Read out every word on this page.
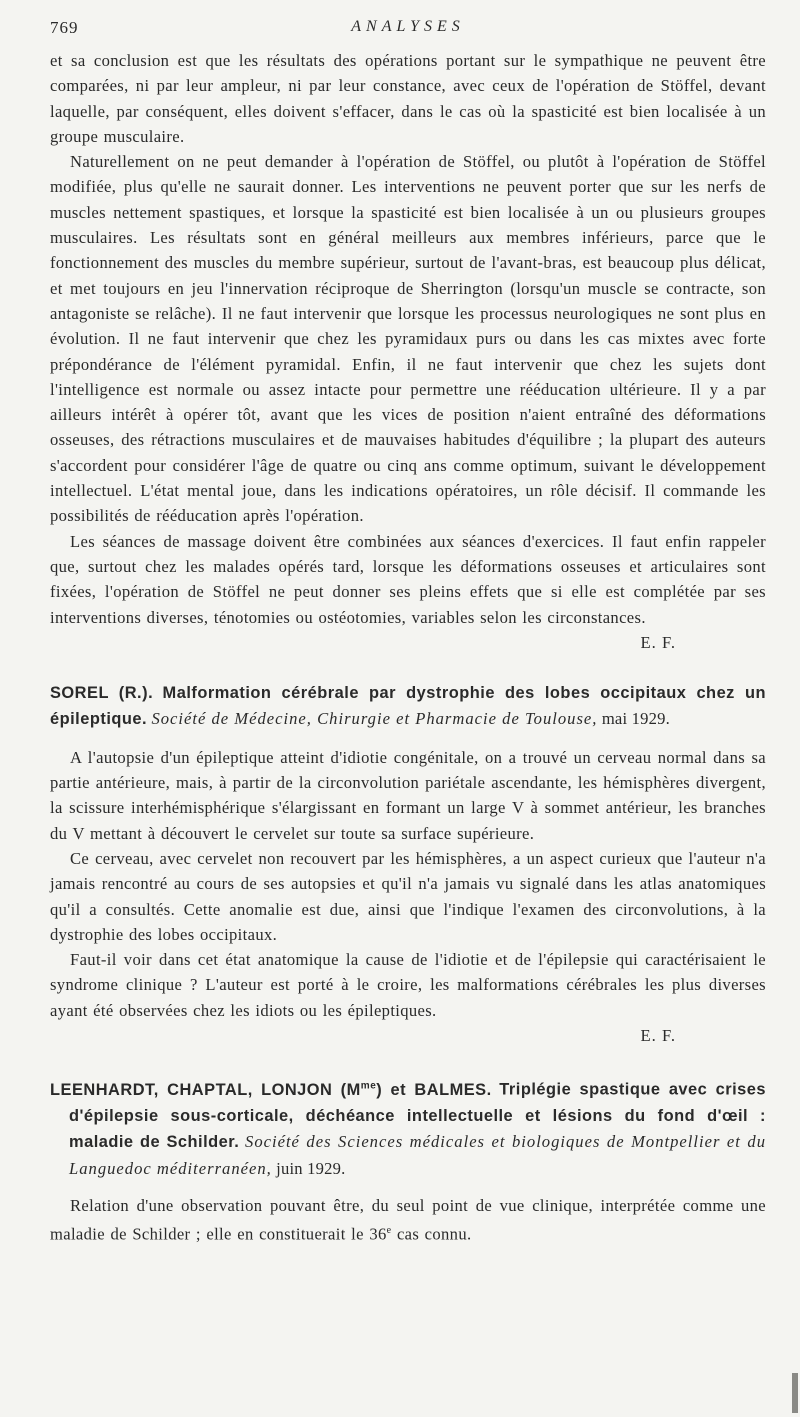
769	ANALYSES

et sa conclusion est que les résultats des opérations portant sur le sympathique ne peuvent être comparées, ni par leur ampleur, ni par leur constance, avec ceux de l'opération de Stöffel, devant laquelle, par conséquent, elles doivent s'effacer, dans le cas où la spasticité est bien localisée à un groupe musculaire.

Naturellement on ne peut demander à l'opération de Stöffel, ou plutôt à l'opération de Stöffel modifiée, plus qu'elle ne saurait donner. Les interventions ne peuvent porter que sur les nerfs de muscles nettement spastiques, et lorsque la spasticité est bien localisée à un ou plusieurs groupes musculaires. Les résultats sont en général meilleurs aux membres inférieurs, parce que le fonctionnement des muscles du membre supérieur, surtout de l'avant-bras, est beaucoup plus délicat, et met toujours en jeu l'innervation réciproque de Sherrington (lorsqu'un muscle se contracte, son antagoniste se relâche). Il ne faut intervenir que lorsque les processus neurologiques ne sont plus en évolution. Il ne faut intervenir que chez les pyramidaux purs ou dans les cas mixtes avec forte prépondérance de l'élément pyramidal. Enfin, il ne faut intervenir que chez les sujets dont l'intelligence est normale ou assez intacte pour permettre une rééducation ultérieure. Il y a par ailleurs intérêt à opérer tôt, avant que les vices de position n'aient entraîné des déformations osseuses, des rétractions musculaires et de mauvaises habitudes d'équilibre ; la plupart des auteurs s'accordent pour considérer l'âge de quatre ou cinq ans comme optimum, suivant le développement intellectuel. L'état mental joue, dans les indications opératoires, un rôle décisif. Il commande les possibilités de rééducation après l'opération.

Les séances de massage doivent être combinées aux séances d'exercices. Il faut enfin rappeler que, surtout chez les malades opérés tard, lorsque les déformations osseuses et articulaires sont fixées, l'opération de Stöffel ne peut donner ses pleins effets que si elle est complétée par ses interventions diverses, ténotomies ou ostéotomies, variables selon les circonstances.

E. F.
SOREL (R.). Malformation cérébrale par dystrophie des lobes occipitaux chez un épileptique. Société de Médecine, Chirurgie et Pharmacie de Toulouse, mai 1929.

A l'autopsie d'un épileptique atteint d'idiotie congénitale, on a trouvé un cerveau normal dans sa partie antérieure, mais, à partir de la circonvolution pariétale ascendante, les hémisphères divergent, la scissure interhémisphérique s'élargissant en formant un large V à sommet antérieur, les branches du V mettant à découvert le cervelet sur toute sa surface supérieure.

Ce cerveau, avec cervelet non recouvert par les hémisphères, a un aspect curieux que l'auteur n'a jamais rencontré au cours de ses autopsies et qu'il n'a jamais vu signalé dans les atlas anatomiques qu'il a consultés. Cette anomalie est due, ainsi que l'indique l'examen des circonvolutions, à la dystrophie des lobes occipitaux.

Faut-il voir dans cet état anatomique la cause de l'idiotie et de l'épilepsie qui caractérisaient le syndrome clinique ? L'auteur est porté à le croire, les malformations cérébrales les plus diverses ayant été observées chez les idiots ou les épileptiques.

E. F.
LEENHARDT, CHAPTAL, LONJON $(M^{me})$ et BALMES. Triplégie spastique avec crises d'épilepsie sous-corticale, déchéance intellectuelle et lésions du fond d'œil : maladie de Schilder. Société des Sciences médicales et biologiques de Montpellier et du Languedoc méditerranéen, juin 1929.

Relation d'une observation pouvant être, du seul point de vue clinique, interprétée comme une maladie de Schilder ; elle en constituerait le 36e cas connu.
